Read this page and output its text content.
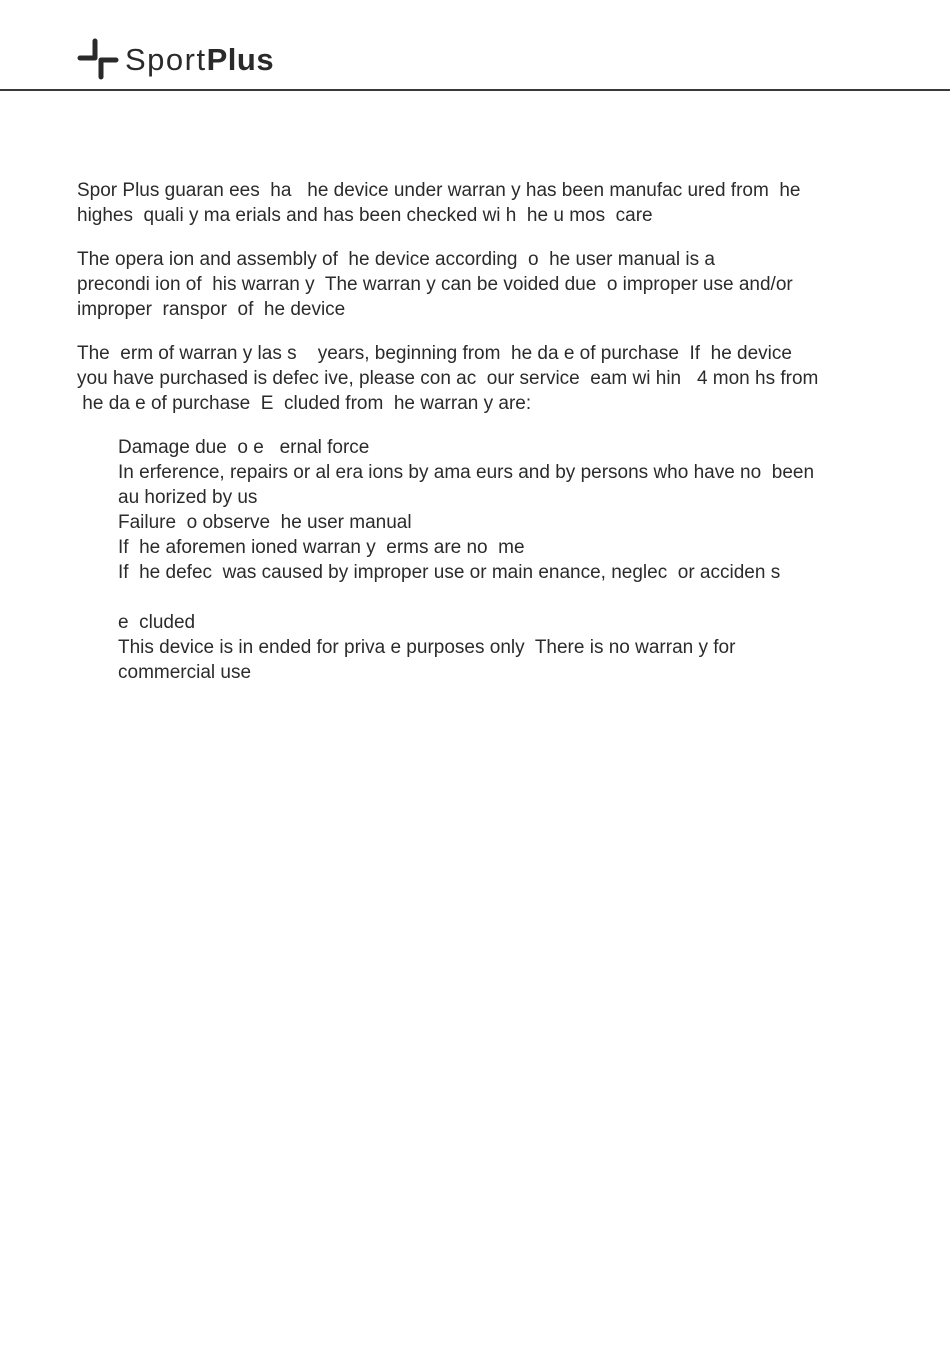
SportPlus

Spor Plus guaran ees  ha   he device under warran y has been manufac ured from  he
highes  quali y ma erials and has been checked wi h  he u mos  care

The opera ion and assembly of  he device according  o  he user manual is a
precondi ion of  his warran y  The warran y can be voided due  o improper use and/or
improper  ranspor  of  he device

The  erm of warran y las s    years, beginning from  he da e of purchase  If  he device
you have purchased is defec ive, please con ac  our service  eam wi hin   4 mon hs from
he da e of purchase  E  cluded from  he warran y are:

Damage due  o e   ernal force
In erference, repairs or al era ions by ama eurs and by persons who have no  been
au horized by us
Failure  o observe  he user manual
If  he aforemen ioned warran y  erms are no  me
If  he defec  was caused by improper use or main enance, neglec  or acciden s
e  cluded
This device is in ended for priva e purposes only  There is no warran y for
commercial use
